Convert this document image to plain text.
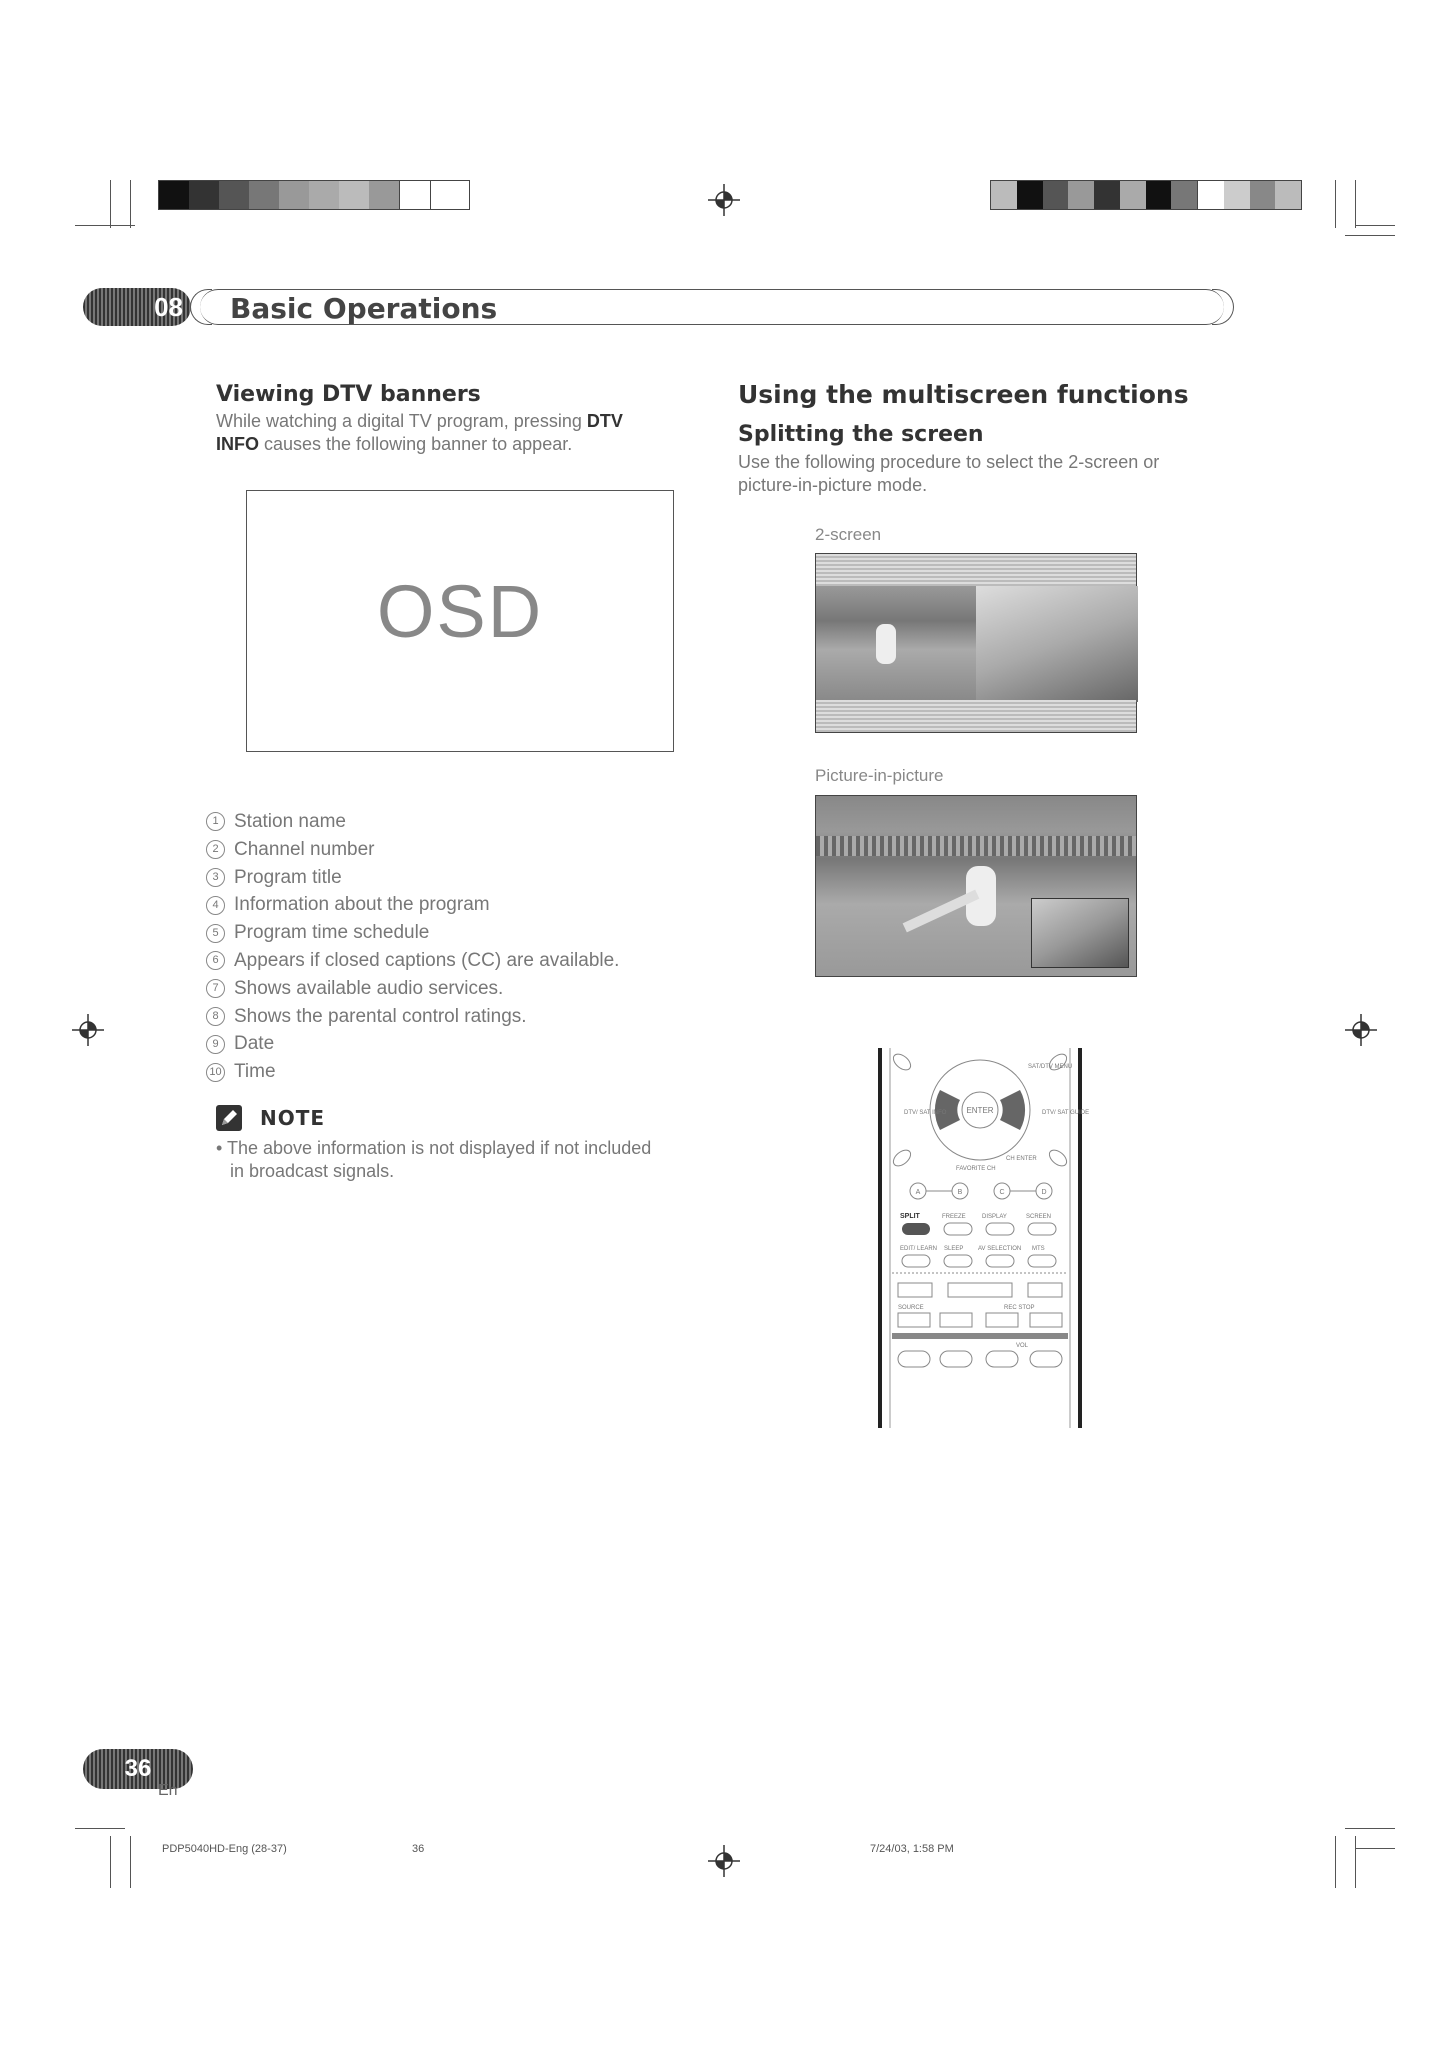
08 Basic Operations
Viewing DTV banners
While watching a digital TV program, pressing DTV
INFO causes the following banner to appear.
OSD
1 Station name
2 Channel number
3 Program title
4 Information about the program
5 Program time schedule
6 Appears if closed captions (CC) are available.
7 Shows available audio services.
8 Shows the parental control ratings.
9 Date
10 Time
NOTE
• The above information is not displayed if not included
in broadcast signals.
Using the multiscreen functions
Splitting the screen
Use the following procedure to select the 2-screen or
picture-in-picture mode.
2-screen
Picture-in-picture
ENTER
SAT/DTV MENU
DTV/ SAT INFO	DTV/ SAT GUIDE
CH ENTER
FAVORITE CH
A	B	C	D
SPLIT	FREEZE	DISPLAY	SCREEN
EDIT/ LEARN SLEEP AV SELECTION MTS
SOURCE	REC STOP
VOL
36
En
PDP5040HD-Eng (28-37)	36	7/24/03, 1:58 PM
